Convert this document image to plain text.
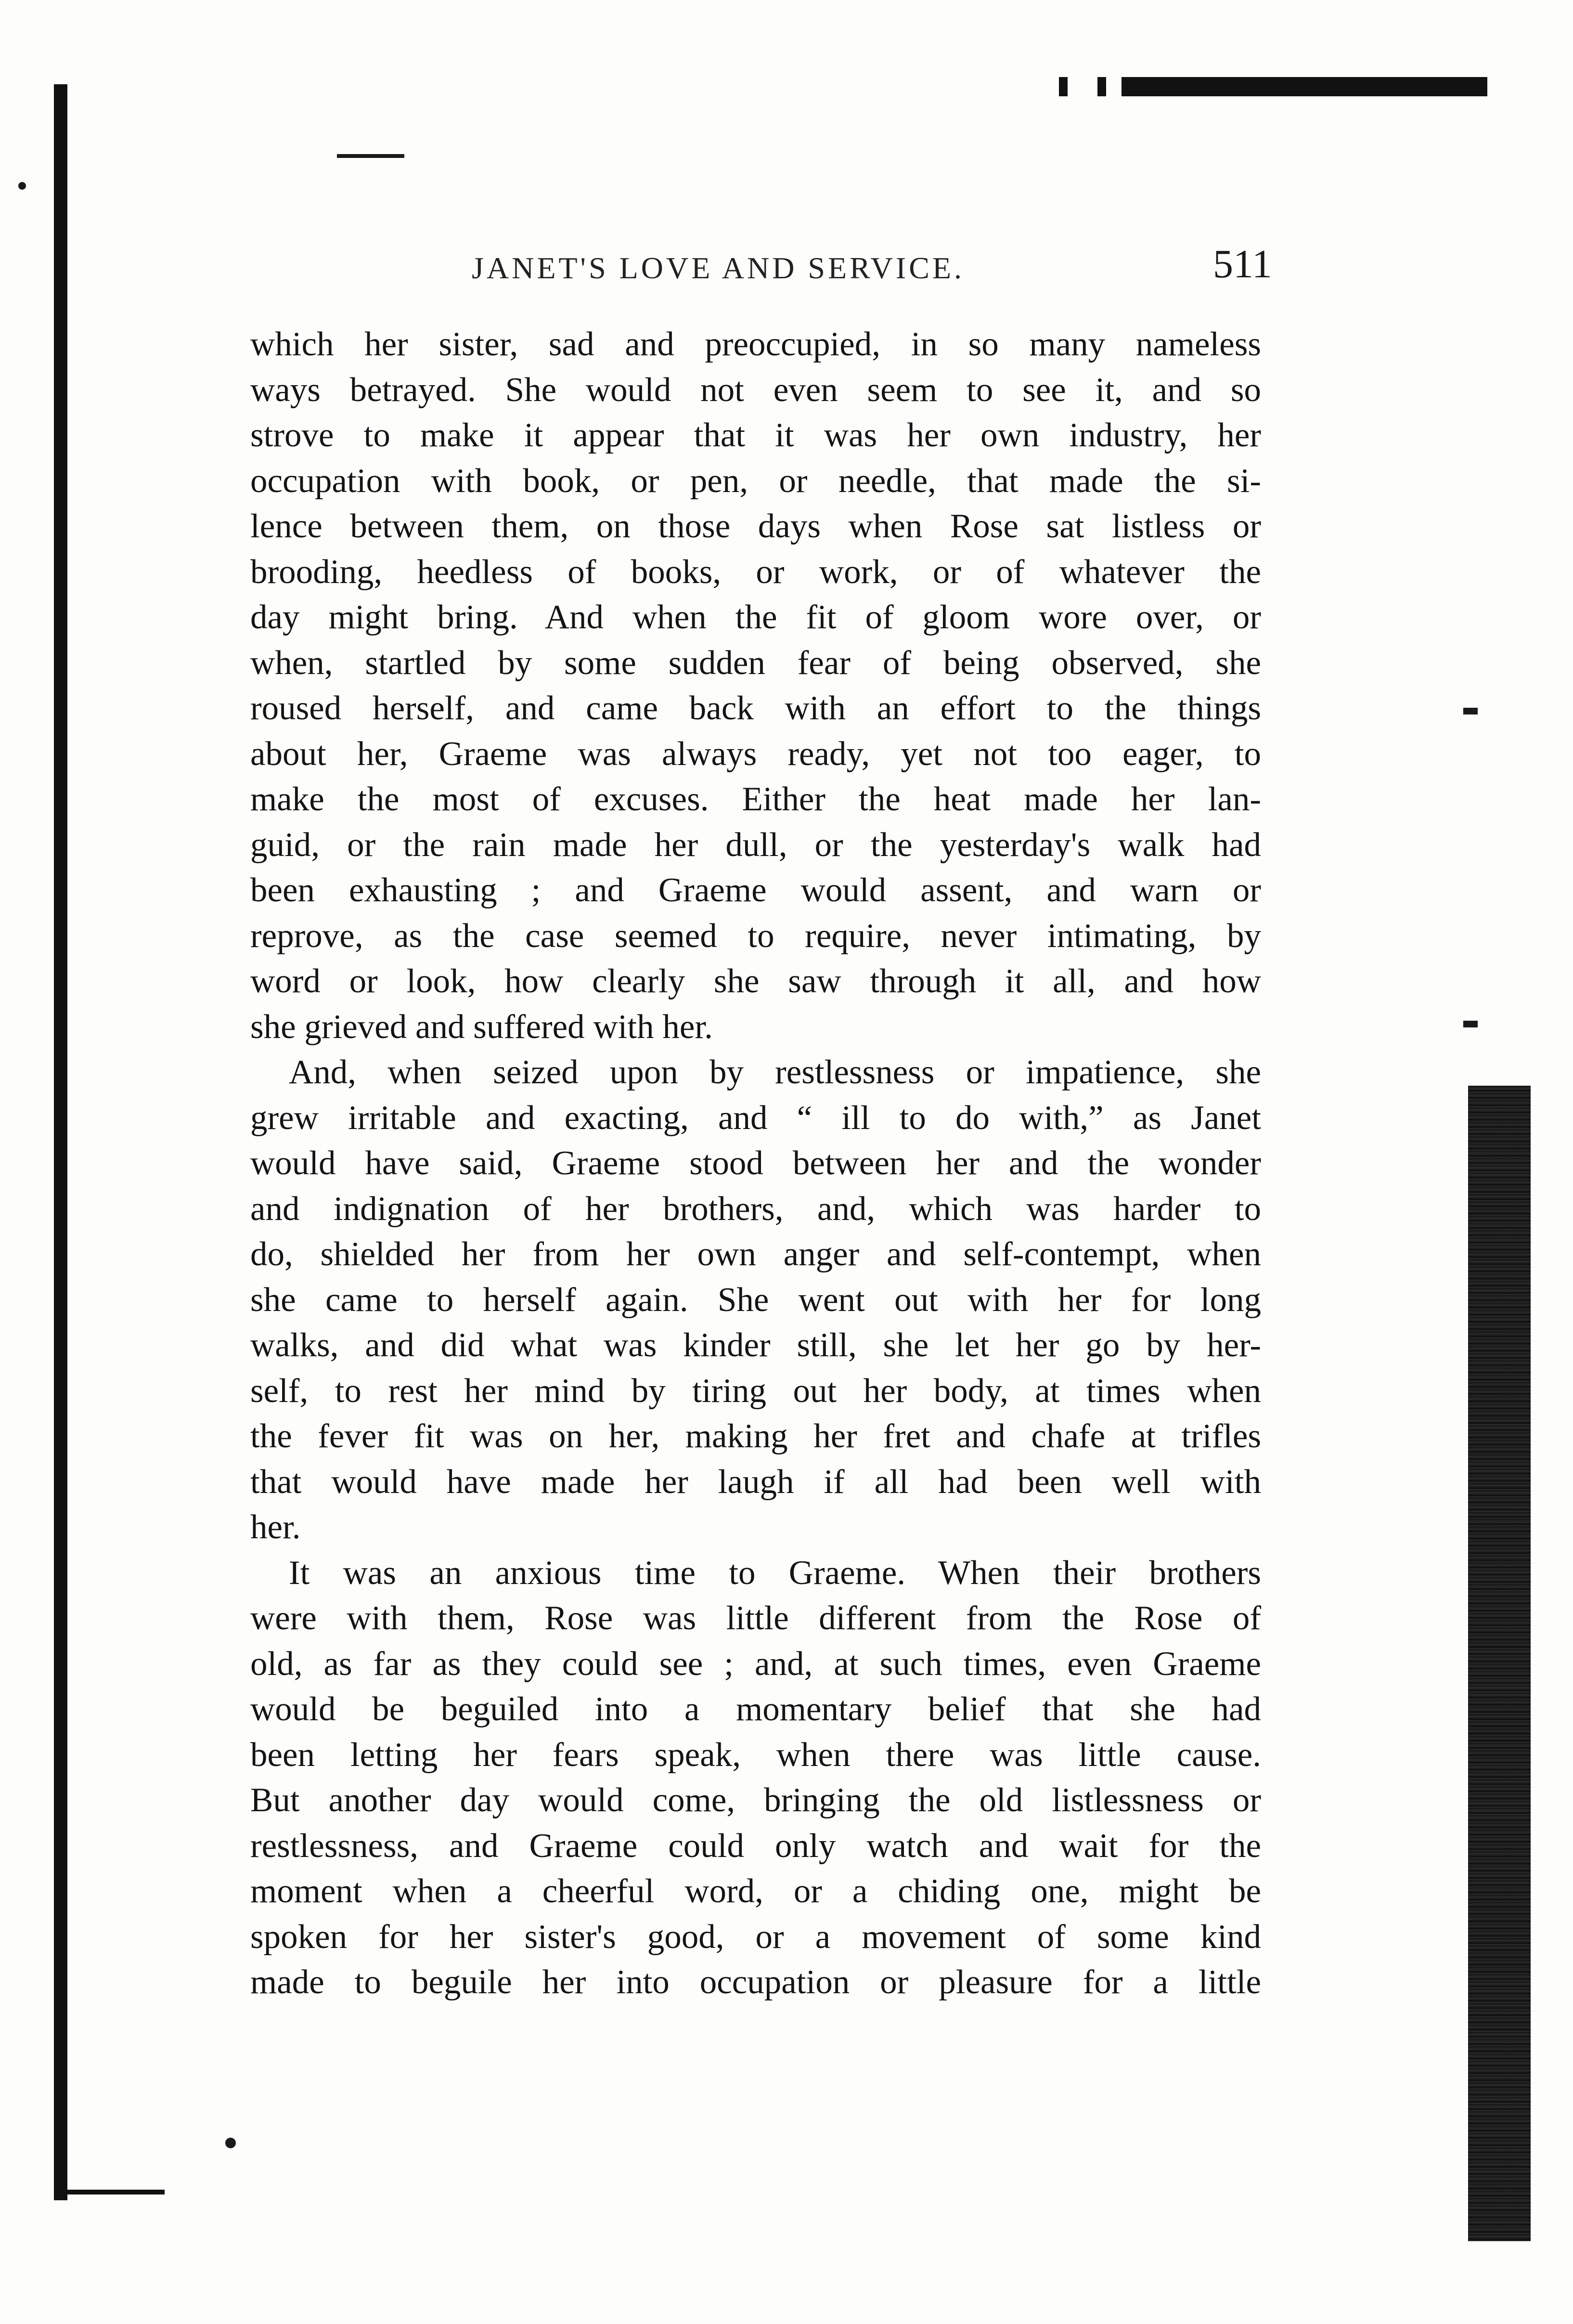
JANET'S LOVE AND SERVICE.	511
which her sister, sad and preoccupied, in so many nameless
ways betrayed. She would not even seem to see it, and so
strove to make it appear that it was her own industry, her
occupation with book, or pen, or needle, that made the si-
lence between them, on those days when Rose sat listless or
brooding, heedless of books, or work, or of whatever the
day might bring. And when the fit of gloom wore over, or
when, startled by some sudden fear of being observed, she
roused herself, and came back with an effort to the things
about her, Graeme was always ready, yet not too eager, to
make the most of excuses. Either the heat made her lan-
guid, or the rain made her dull, or the yesterday's walk had
been exhausting ; and Graeme would assent, and warn or
reprove, as the case seemed to require, never intimating, by
word or look, how clearly she saw through it all, and how
she grieved and suffered with her.
And, when seized upon by restlessness or impatience, she
grew irritable and exacting, and “ ill to do with,” as Janet
would have said, Graeme stood between her and the wonder
and indignation of her brothers, and, which was harder to
do, shielded her from her own anger and self-contempt, when
she came to herself again. She went out with her for long
walks, and did what was kinder still, she let her go by her-
self, to rest her mind by tiring out her body, at times when
the fever fit was on her, making her fret and chafe at trifles
that would have made her laugh if all had been well with
her.
It was an anxious time to Graeme. When their brothers
were with them, Rose was little different from the Rose of
old, as far as they could see ; and, at such times, even Graeme
would be beguiled into a momentary belief that she had
been letting her fears speak, when there was little cause.
But another day would come, bringing the old listlessness or
restlessness, and Graeme could only watch and wait for the
moment when a cheerful word, or a chiding one, might be
spoken for her sister's good, or a movement of some kind
made to beguile her into occupation or pleasure for a little
